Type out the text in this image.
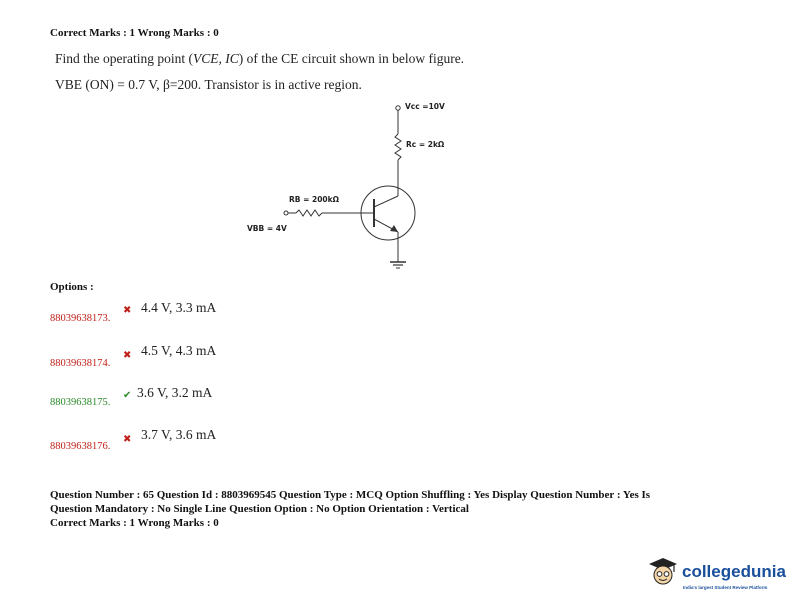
Correct Marks : 1 Wrong Marks : 0
Find the operating point (VCE, IC) of the CE circuit shown in below figure.
VBE (ON) = 0.7 V, β=200. Transistor is in active region.
Vcc =10V
Rc = 2kΩ
RB = 200kΩ
VBB = 4V
Options :
88039638173.
✖ 4.4 V, 3.3 mA
88039638174.
✖ 4.5 V, 4.3 mA
88039638175.
✔ 3.6 V, 3.2 mA
88039638176.
✖ 3.7 V, 3.6 mA
Question Number : 65 Question Id : 8803969545 Question Type : MCQ Option Shuffling : Yes Display Question Number : Yes Is
Question Mandatory : No Single Line Question Option : No Option Orientation : Vertical
Correct Marks : 1 Wrong Marks : 0
collegedunia
India's largest Student Review Platform
